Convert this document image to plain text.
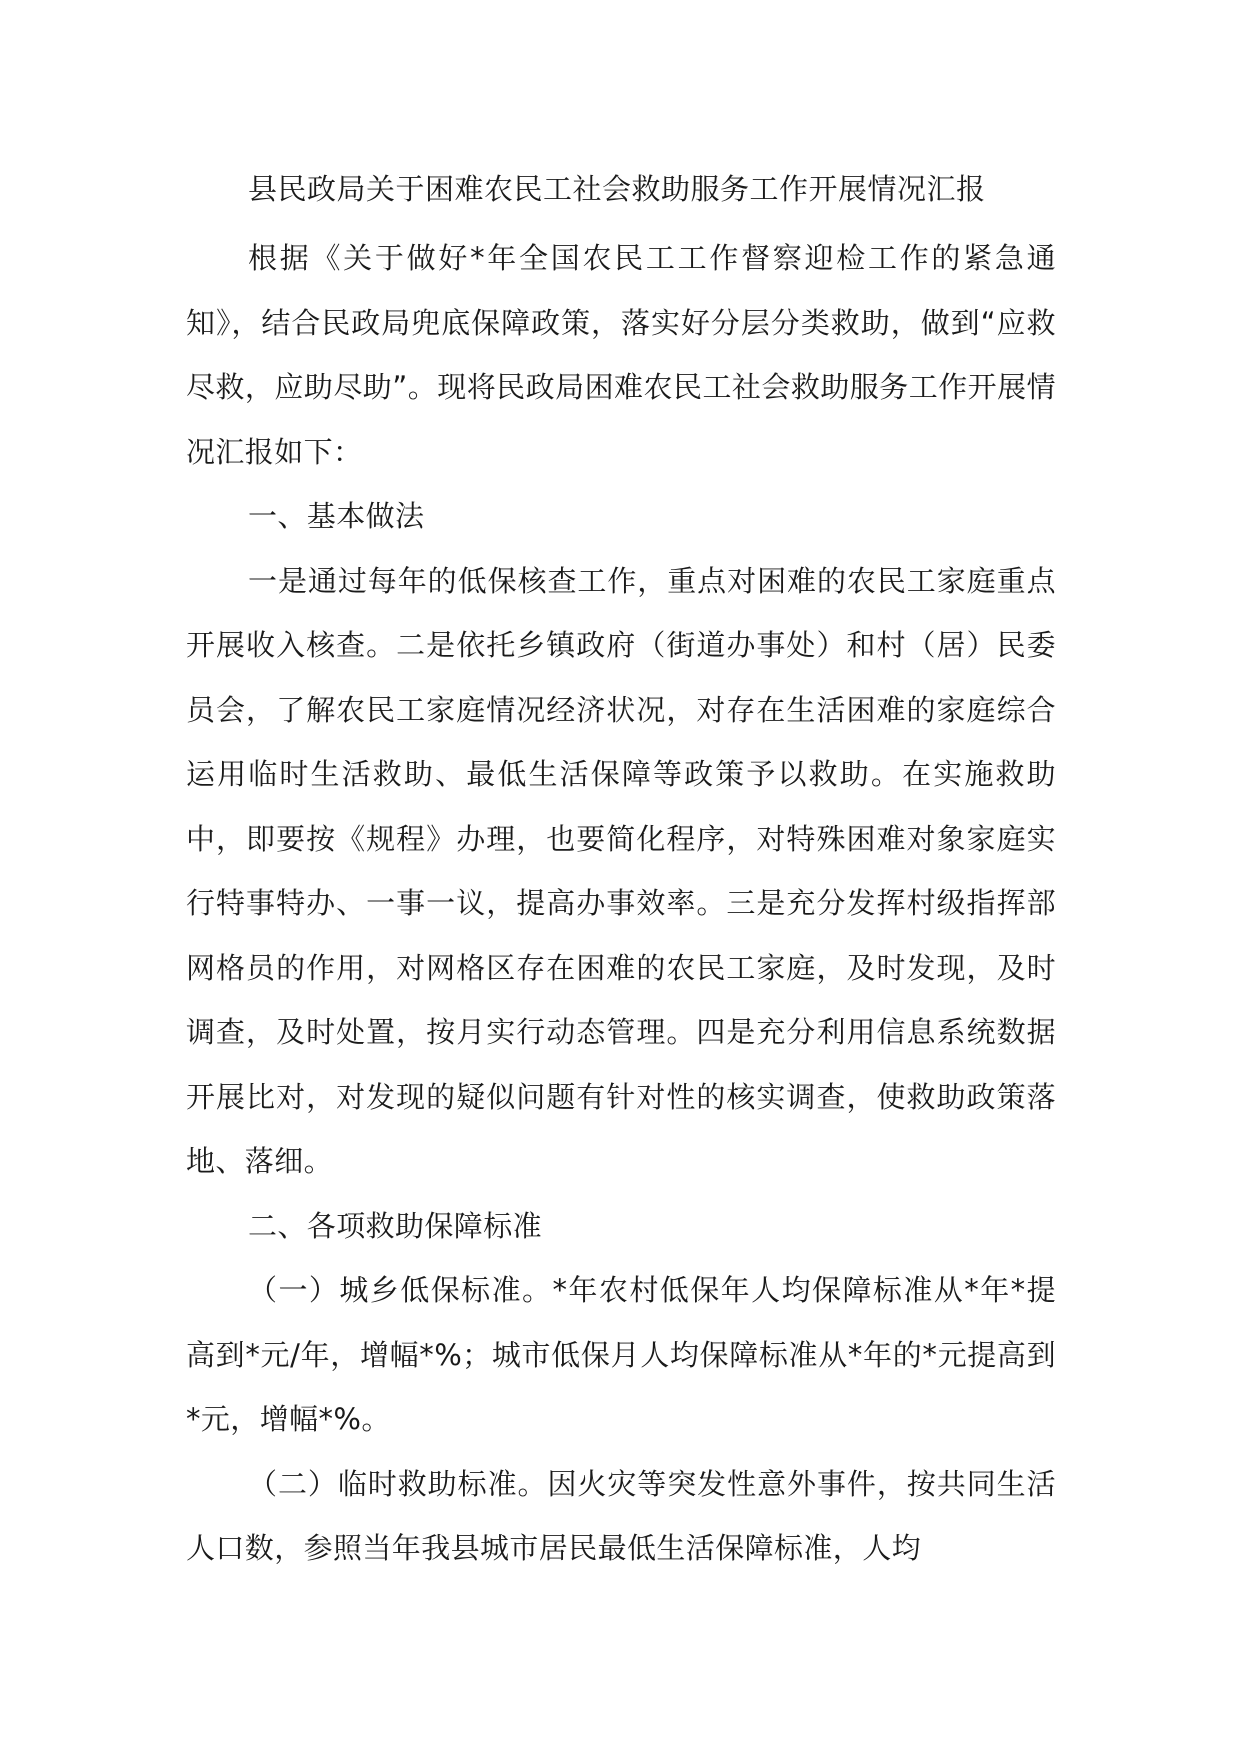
县民政局关于困难农民工社会救助服务工作开展情况汇报

根据《关于做好*年全国农民工工作督察迎检工作的紧急通知》，结合民政局兜底保障政策，落实好分层分类救助，做到“应救尽救，应助尽助”。现将民政局困难农民工社会救助服务工作开展情况汇报如下：

一、基本做法

一是通过每年的低保核查工作，重点对困难的农民工家庭重点开展收入核查。二是依托乡镇政府（街道办事处）和村（居）民委员会，了解农民工家庭情况经济状况，对存在生活困难的家庭综合运用临时生活救助、最低生活保障等政策予以救助。在实施救助中，即要按《规程》办理，也要简化程序，对特殊困难对象家庭实行特事特办、一事一议，提高办事效率。三是充分发挥村级指挥部网格员的作用，对网格区存在困难的农民工家庭，及时发现，及时调查，及时处置，按月实行动态管理。四是充分利用信息系统数据开展比对，对发现的疑似问题有针对性的核实调查，使救助政策落地、落细。

二、各项救助保障标准

（一）城乡低保标准。*年农村低保年人均保障标准从*年*提高到*元/年，增幅*%；城市低保月人均保障标准从*年的*元提高到*元，增幅*%。

（二）临时救助标准。因火灾等突发性意外事件，按共同生活人口数，参照当年我县城市居民最低生活保障标准，人均
